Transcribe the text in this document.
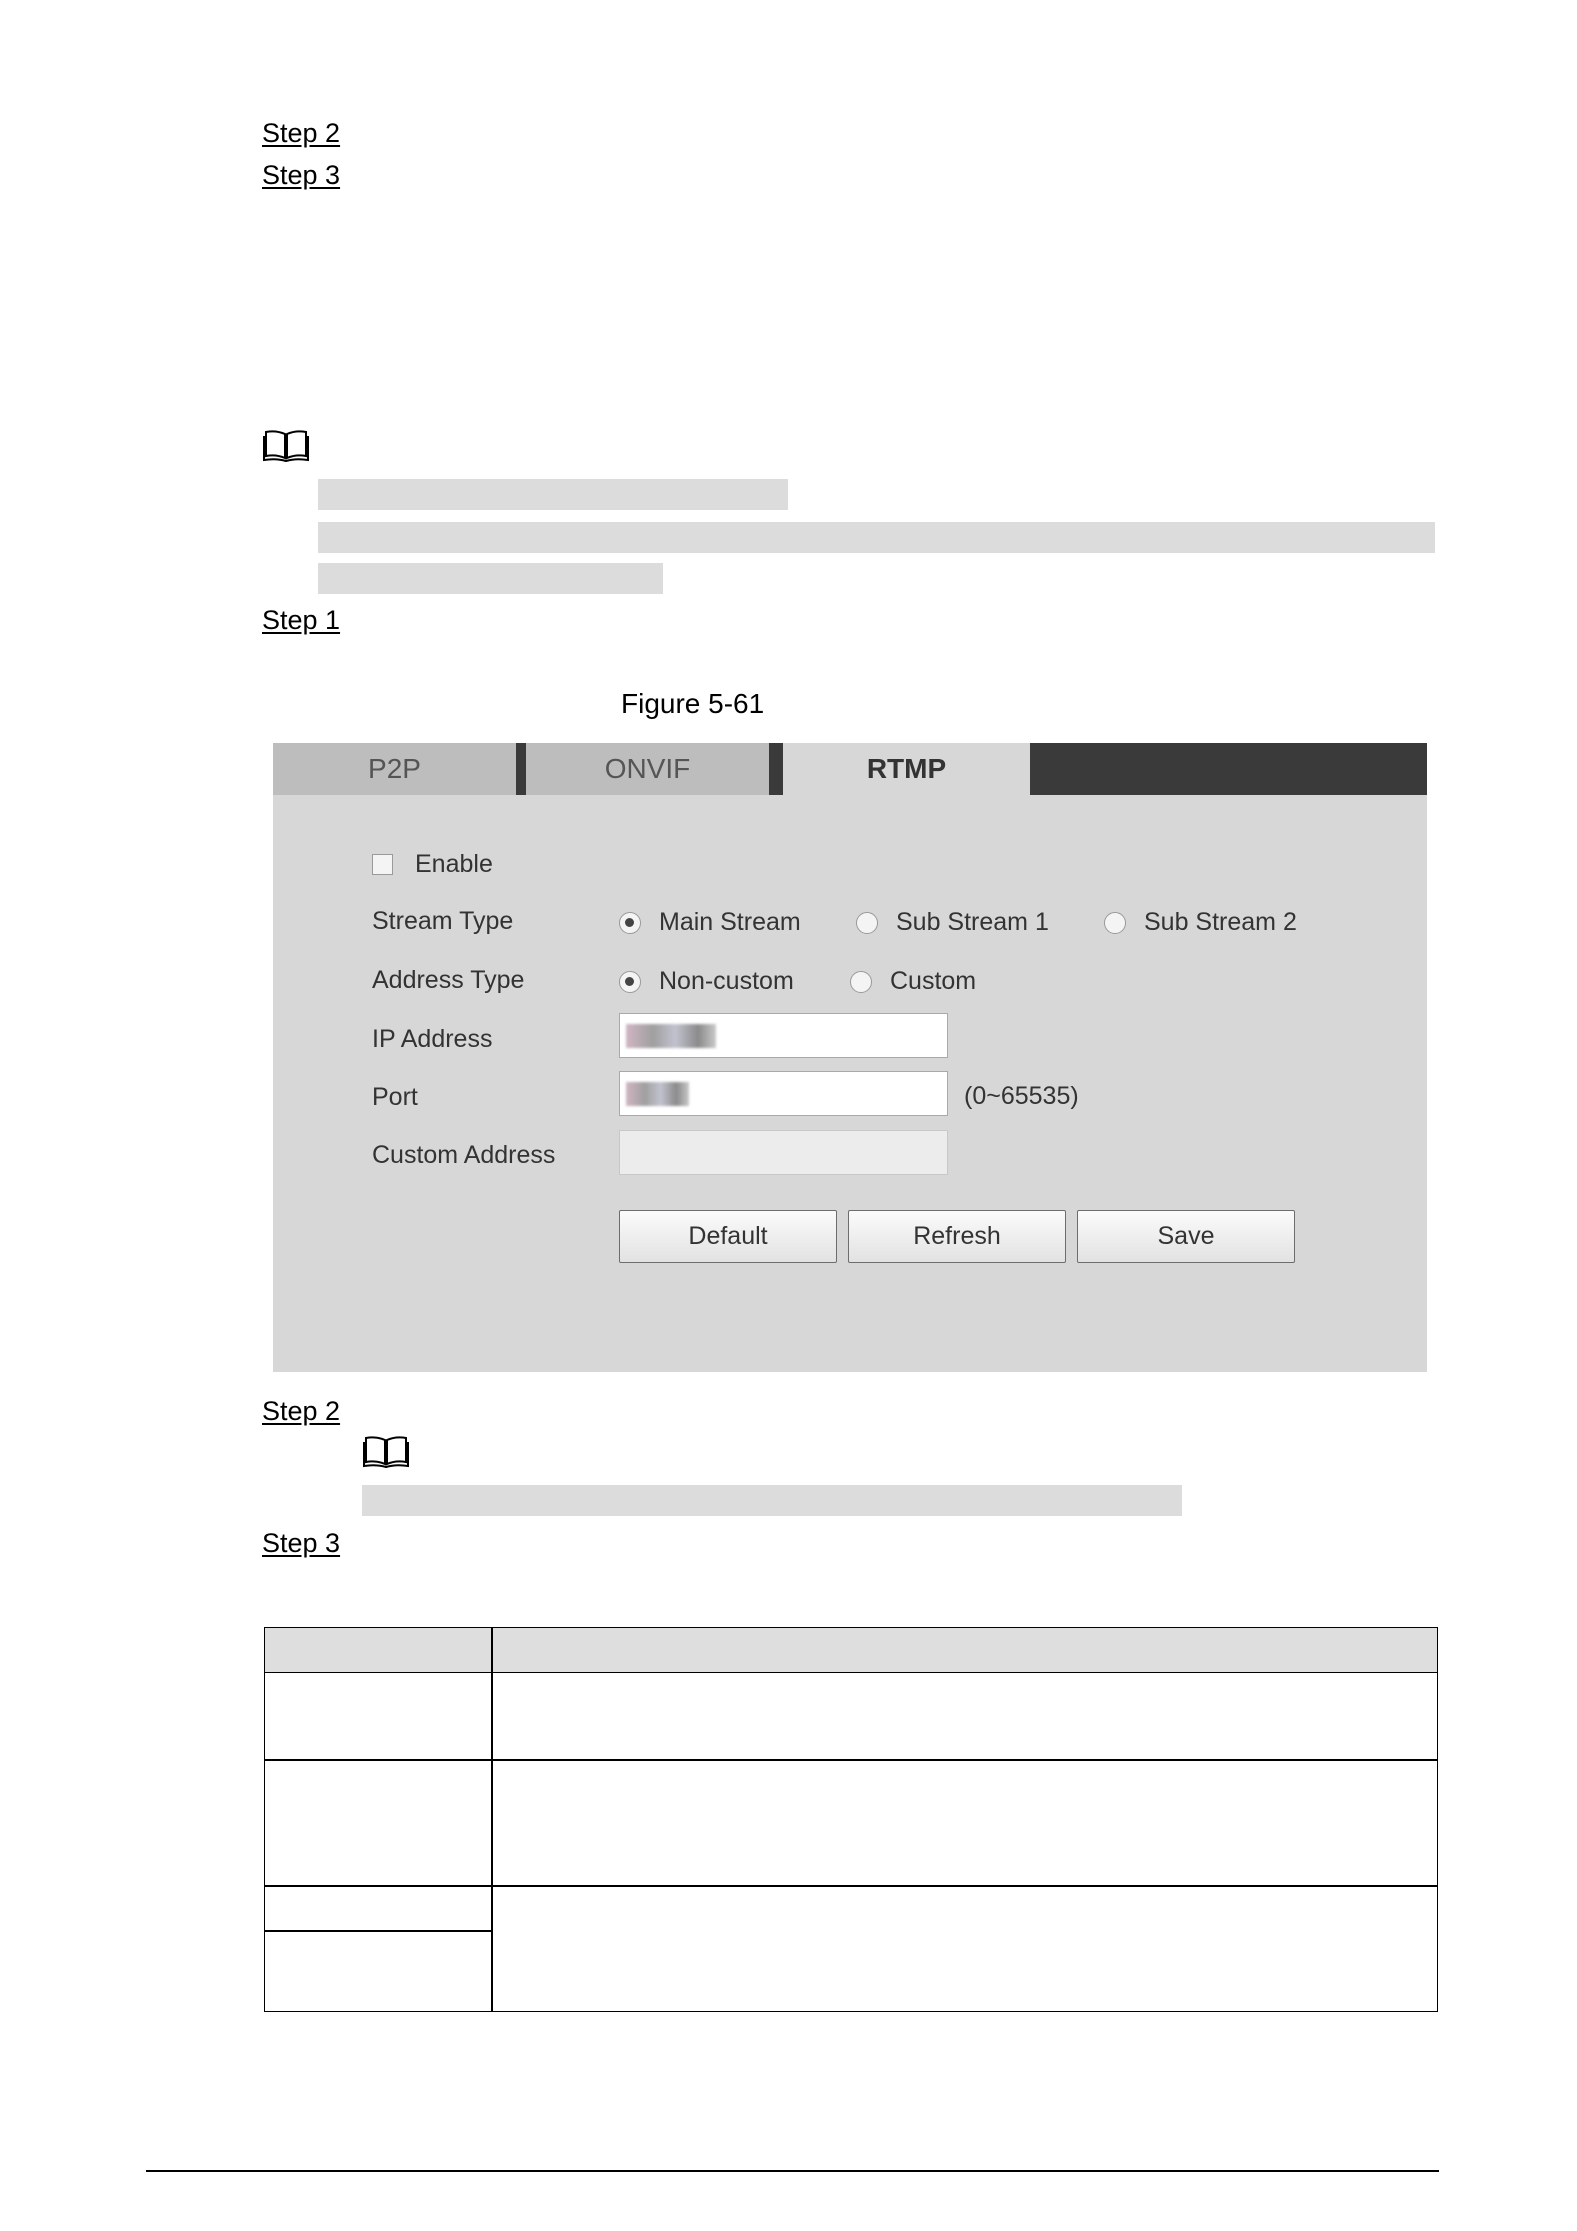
Step 2
Step 3
Step 1
Figure 5-61
P2P	ONVIF	RTMP
Enable
Stream Type	Main Stream	Sub Stream 1	Sub Stream 2
Address Type	Non-custom	Custom
IP Address
Port	(0~65535)
Custom Address
Default	Refresh	Save
Step 2
Step 3
